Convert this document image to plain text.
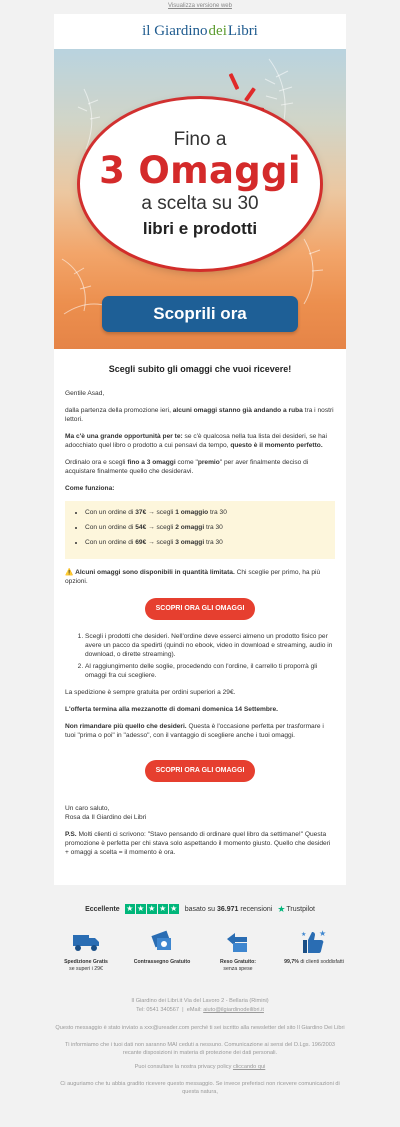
Visualizza versione web
il Giardino dei Libri
Fino a
3 Omaggi
a scelta su 30
libri e prodotti
Scoprili ora
Scegli subito gli omaggi che vuoi ricevere!

Gentile Asad,

dalla partenza della promozione ieri, alcuni omaggi stanno già andando a ruba tra i nostri lettori.

Ma c'è una grande opportunità per te: se c'è qualcosa nella tua lista dei desideri, se hai adocchiato quel libro o prodotto a cui pensavi da tempo, questo è il momento perfetto.

Ordinalo ora e scegli fino a 3 omaggi come "premio" per aver finalmente deciso di acquistare finalmente quello che desideravi.

Come funziona:

• Con un ordine di 37€ → scegli 1 omaggio tra 30
• Con un ordine di 54€ → scegli 2 omaggi tra 30
• Con un ordine di 69€ → scegli 3 omaggi tra 30

⚠️ Alcuni omaggi sono disponibili in quantità limitata. Chi sceglie per primo, ha più opzioni.

SCOPRI ORA GLI OMAGGI
1. Scegli i prodotti che desideri. Nell'ordine deve esserci almeno un prodotto fisico per avere un pacco da spedirti (quindi no ebook, video in download e streaming, audio in download, o dirette streaming).
2. Al raggiungimento delle soglie, procedendo con l'ordine, il carrello ti proporrà gli omaggi fra cui scegliere.

La spedizione è sempre gratuita per ordini superiori a 29€.

L'offerta termina alla mezzanotte di domani domenica 14 Settembre.

Non rimandare più quello che desideri. Questa è l'occasione perfetta per trasformare i tuoi "prima o poi" in "adesso", con il vantaggio di scegliere anche i tuoi omaggi.

SCOPRI ORA GLI OMAGGI

Un caro saluto,

Rosa da Il Giardino dei Libri

P.S. Molti clienti ci scrivono: "Stavo pensando di ordinare quel libro da settimane!" Questa promozione è perfetta per chi stava solo aspettando il momento giusto. Quello che desideri + omaggi a scelta = il momento è ora.

Eccellente ★ ★ ★ ★ ★ basato su
36.971
recensioni ★ Trustpilot
Spedizione Gratis
se superi i 29€
Contrassegno Gratuito	Reso Gratuito:
senza spese
★
★
99,7% di clienti soddisfatti
Il Giardino dei Libri.it Via del Lavoro 2 - Bellaria (Rimini)
Tel: 0541 340567  |  eMail: aiuto@ilgiardinodeilibri.it
Questo messaggio è stato inviato a xxx@ureader.com perché ti sei iscritto alla newsletter del sito Il Giardino Dei Libri
Ti informiamo che i tuoi dati non saranno MAI ceduti a nessuno. Comunicazione ai sensi del D.Lgs. 196/2003 recante disposizioni in materia di protezione dei dati personali.
Puoi consultare la nostra privacy policy cliccando qui
Ci auguriamo che tu abbia gradito ricevere questo messaggio. Se invece preferisci non ricevere comunicazioni di questa natura,
